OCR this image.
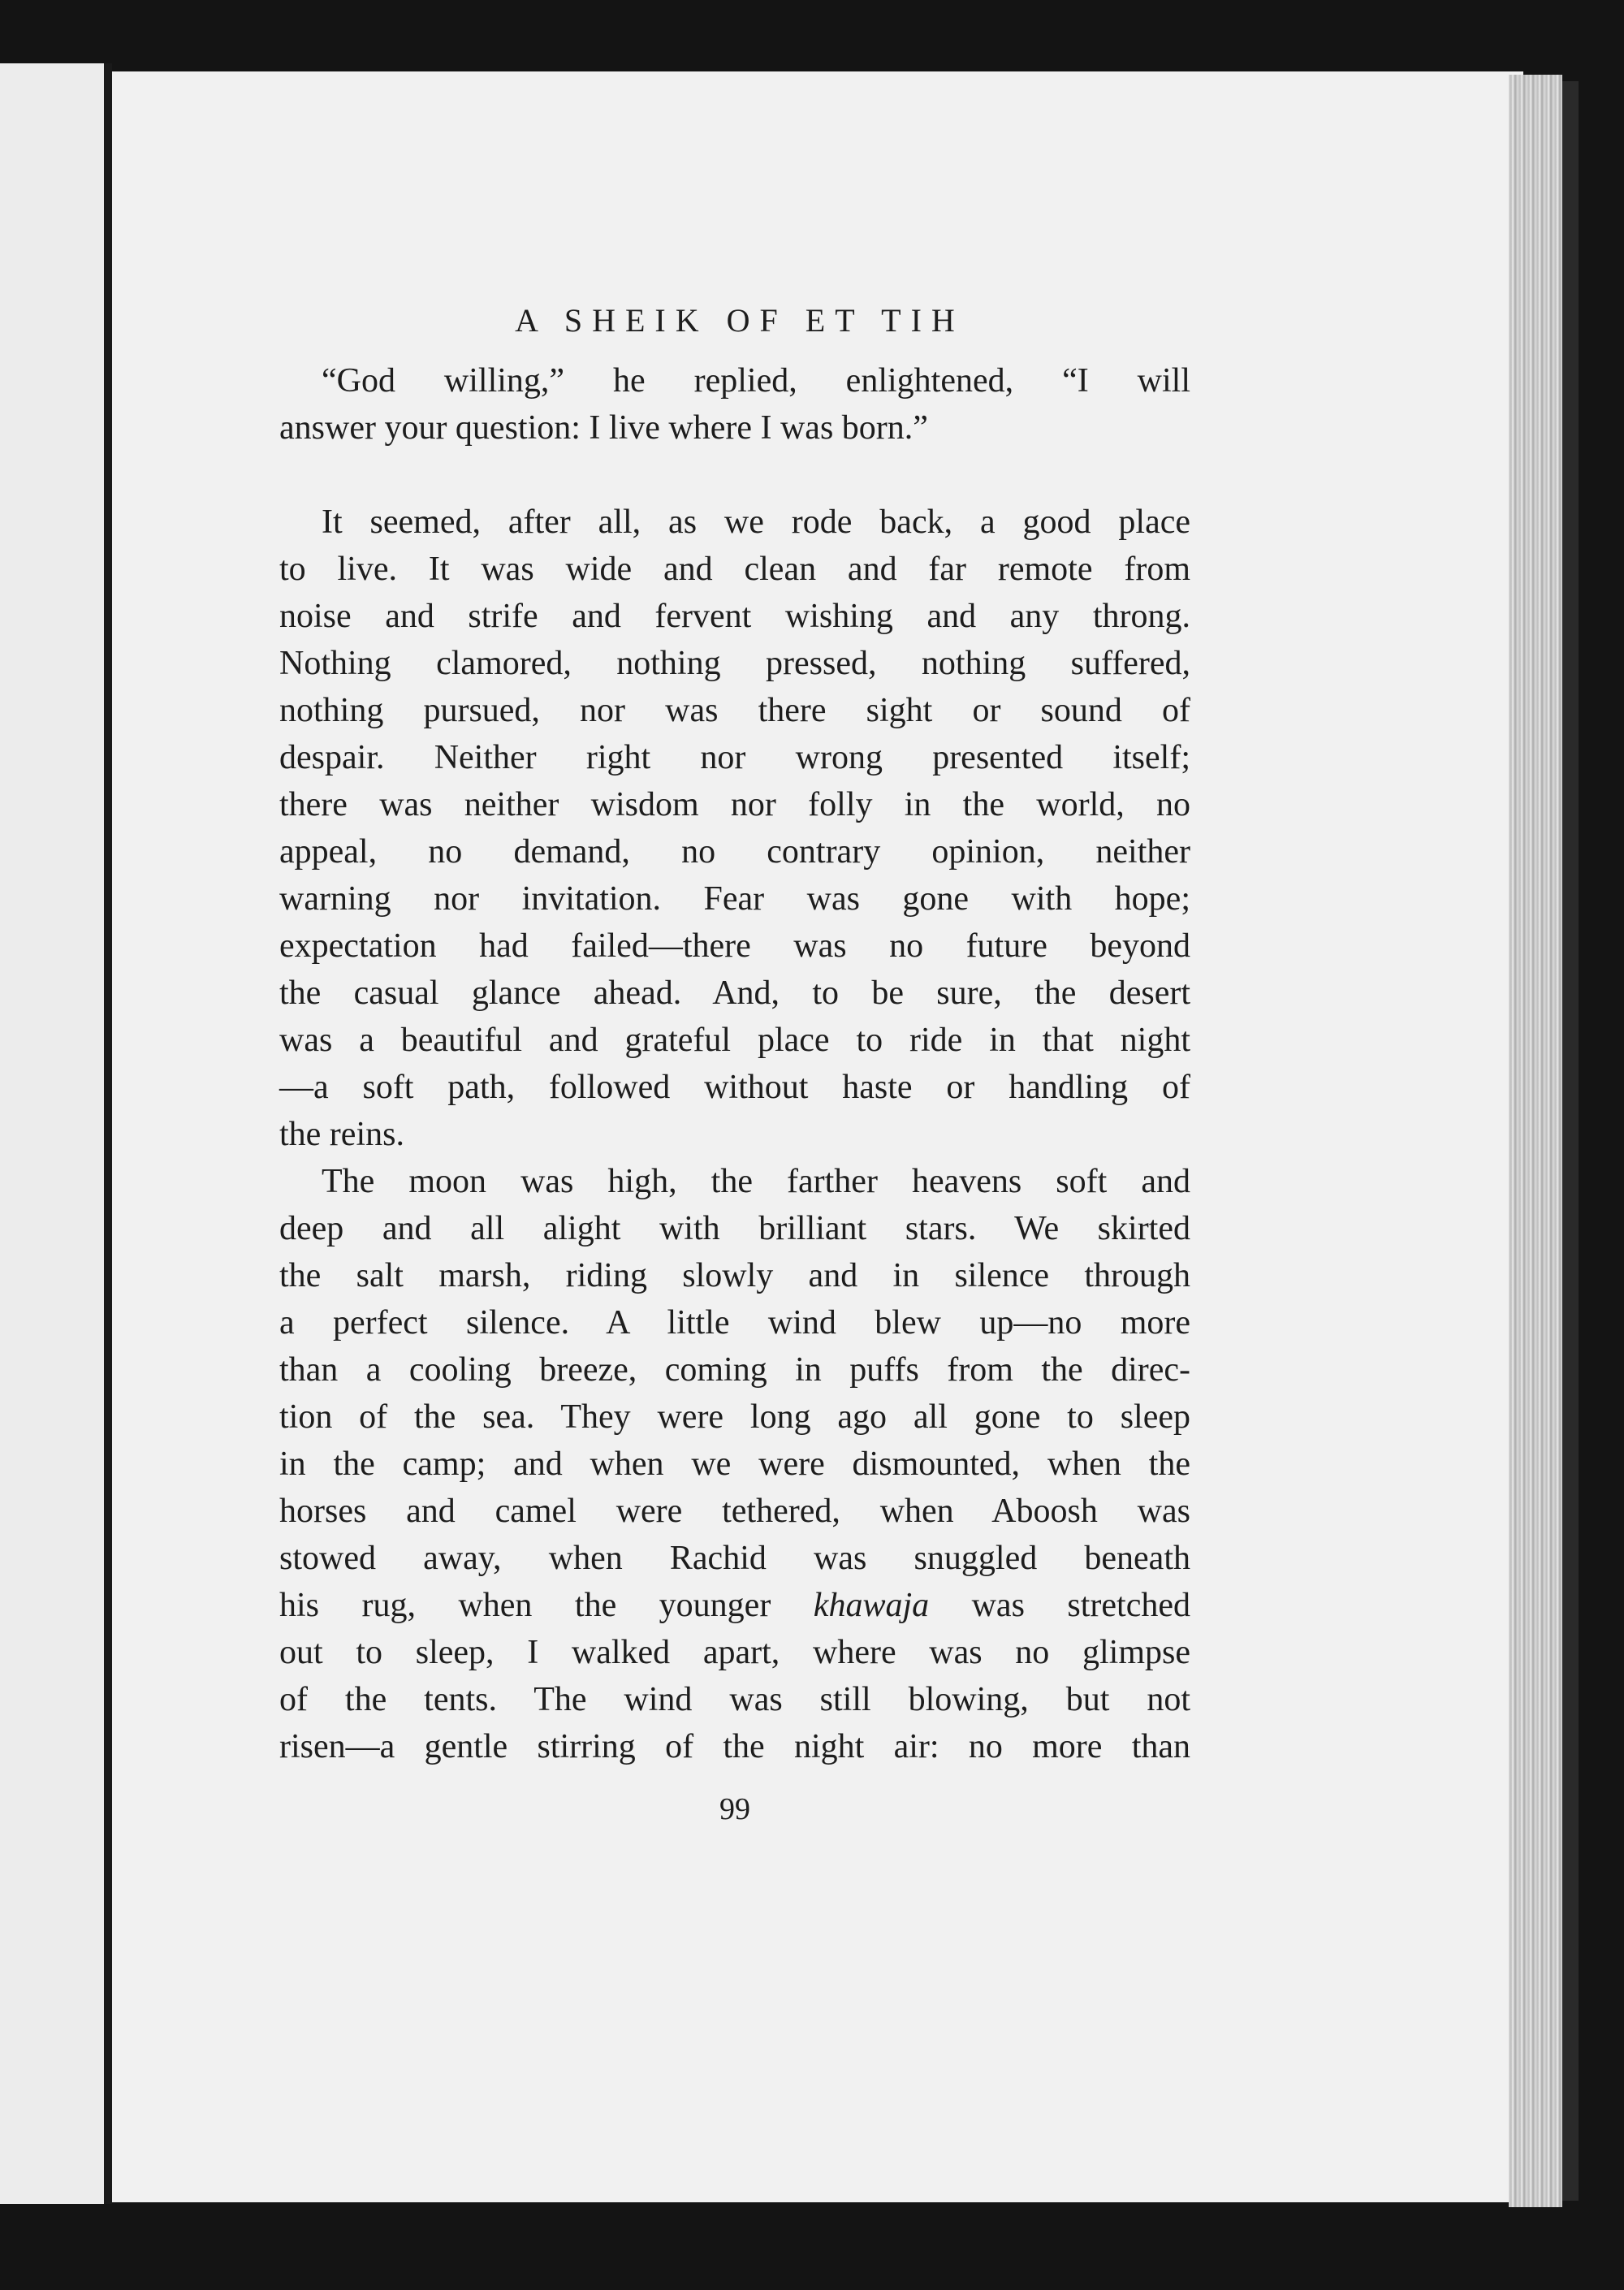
A SHEIK OF ET TIH

“God willing,” he replied, enlightened, “I will
answer your question: I live where I was born.”

It seemed, after all, as we rode back, a good place
to live. It was wide and clean and far remote from
noise and strife and fervent wishing and any throng.
Nothing clamored, nothing pressed, nothing suffered,
nothing pursued, nor was there sight or sound of
despair. Neither right nor wrong presented itself;
there was neither wisdom nor folly in the world, no
appeal, no demand, no contrary opinion, neither
warning nor invitation. Fear was gone with hope;
expectation had failed—there was no future beyond
the casual glance ahead. And, to be sure, the desert
was a beautiful and grateful place to ride in that night
—a soft path, followed without haste or handling of
the reins.

The moon was high, the farther heavens soft and
deep and all alight with brilliant stars. We skirted
the salt marsh, riding slowly and in silence through
a perfect silence. A little wind blew up—no more
than a cooling breeze, coming in puffs from the direc-
tion of the sea. They were long ago all gone to sleep
in the camp; and when we were dismounted, when the
horses and camel were tethered, when Aboosh was
stowed away, when Rachid was snuggled beneath
his rug, when the younger khawaja was stretched
out to sleep, I walked apart, where was no glimpse
of the tents. The wind was still blowing, but not
risen—a gentle stirring of the night air: no more than

99
